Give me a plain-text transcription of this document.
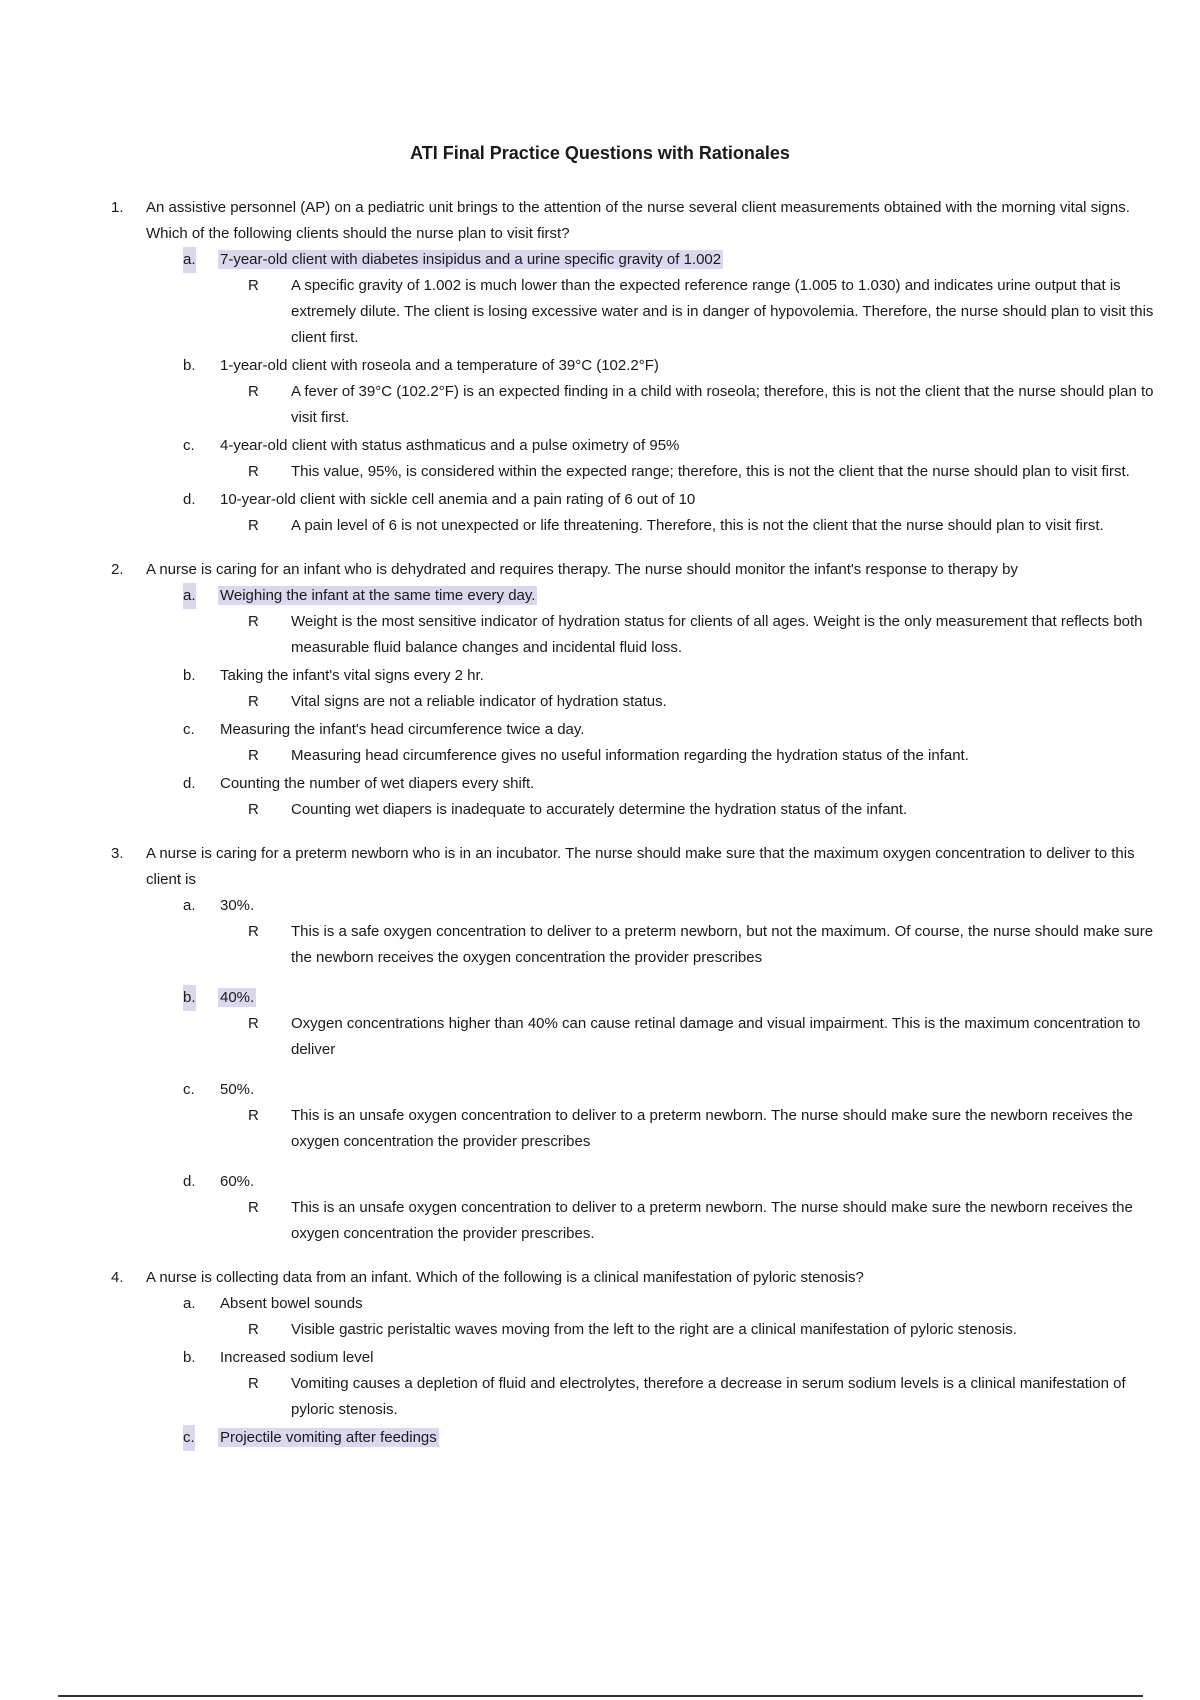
ATI Final Practice Questions with Rationales
1. An assistive personnel (AP) on a pediatric unit brings to the attention of the nurse several client measurements obtained with the morning vital signs. Which of the following clients should the nurse plan to visit first?
a. 7-year-old client with diabetes insipidus and a urine specific gravity of 1.002
R A specific gravity of 1.002 is much lower than the expected reference range (1.005 to 1.030) and indicates urine output that is extremely dilute. The client is losing excessive water and is in danger of hypovolemia. Therefore, the nurse should plan to visit this client first.
b. 1-year-old client with roseola and a temperature of 39°C (102.2°F)
R A fever of 39°C (102.2°F) is an expected finding in a child with roseola; therefore, this is not the client that the nurse should plan to visit first.
c. 4-year-old client with status asthmaticus and a pulse oximetry of 95%
R This value, 95%, is considered within the expected range; therefore, this is not the client that the nurse should plan to visit first.
d. 10-year-old client with sickle cell anemia and a pain rating of 6 out of 10
R A pain level of 6 is not unexpected or life threatening. Therefore, this is not the client that the nurse should plan to visit first.
2. A nurse is caring for an infant who is dehydrated and requires therapy. The nurse should monitor the infant's response to therapy by
a. Weighing the infant at the same time every day.
R Weight is the most sensitive indicator of hydration status for clients of all ages. Weight is the only measurement that reflects both measurable fluid balance changes and incidental fluid loss.
b. Taking the infant's vital signs every 2 hr.
R Vital signs are not a reliable indicator of hydration status.
c. Measuring the infant's head circumference twice a day.
R Measuring head circumference gives no useful information regarding the hydration status of the infant.
d. Counting the number of wet diapers every shift.
R Counting wet diapers is inadequate to accurately determine the hydration status of the infant.
3. A nurse is caring for a preterm newborn who is in an incubator. The nurse should make sure that the maximum oxygen concentration to deliver to this client is
a. 30%.
R This is a safe oxygen concentration to deliver to a preterm newborn, but not the maximum. Of course, the nurse should make sure the newborn receives the oxygen concentration the provider prescribes
b. 40%.
R Oxygen concentrations higher than 40% can cause retinal damage and visual impairment. This is the maximum concentration to deliver
c. 50%.
R This is an unsafe oxygen concentration to deliver to a preterm newborn. The nurse should make sure the newborn receives the oxygen concentration the provider prescribes
d. 60%.
R This is an unsafe oxygen concentration to deliver to a preterm newborn. The nurse should make sure the newborn receives the oxygen concentration the provider prescribes.
4. A nurse is collecting data from an infant. Which of the following is a clinical manifestation of pyloric stenosis?
a. Absent bowel sounds
R Visible gastric peristaltic waves moving from the left to the right are a clinical manifestation of pyloric stenosis.
b. Increased sodium level
R Vomiting causes a depletion of fluid and electrolytes, therefore a decrease in serum sodium levels is a clinical manifestation of pyloric stenosis.
c. Projectile vomiting after feedings
